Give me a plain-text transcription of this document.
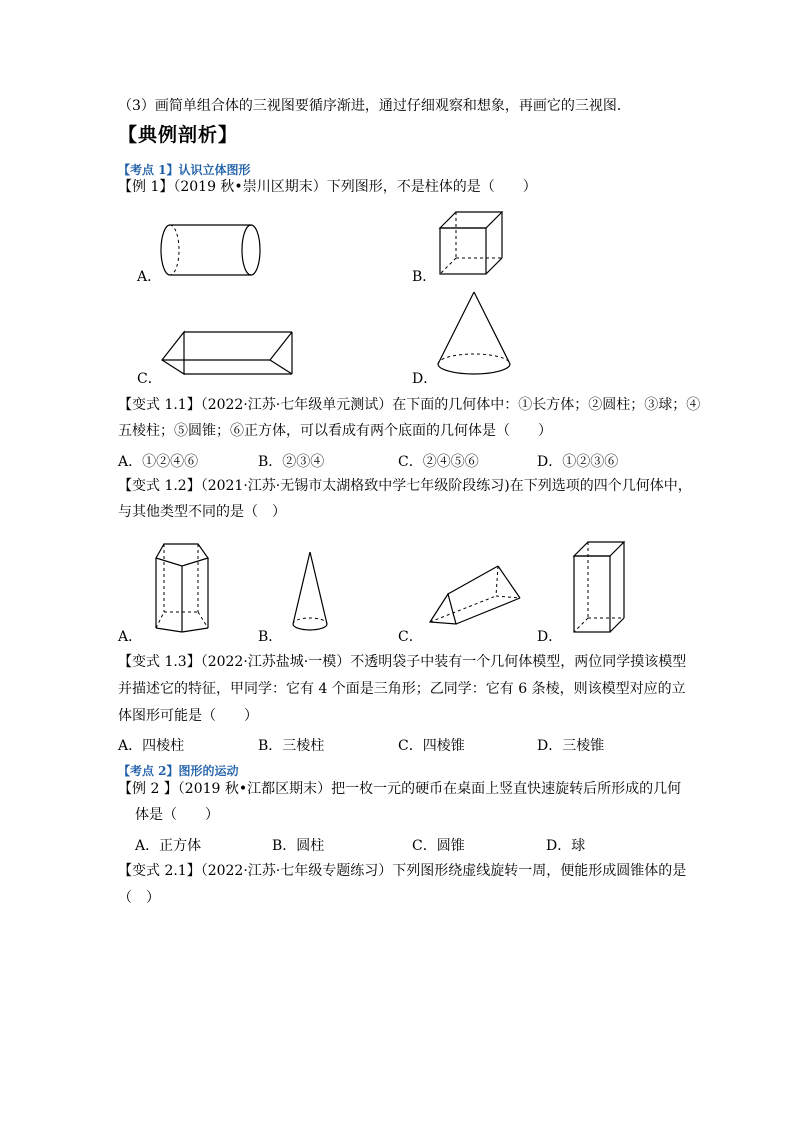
（3）画简单组合体的三视图要循序渐进，通过仔细观察和想象，再画它的三视图．
【典例剖析】
【考点 1】认识立体图形
【例 1】（2019 秋•崇川区期末）下列图形，不是柱体的是（　　）
A．	B．
C．	D．
【变式 1.1】（2022·江苏·七年级单元测试）在下面的几何体中：①长方体；②圆柱；③球；④
五棱柱；⑤圆锥；⑥正方体，可以看成有两个底面的几何体是（　　）
A．①②④⑥	B．②③④	C．②④⑤⑥	D．①②③⑥
【变式 1.2】（2021·江苏·无锡市太湖格致中学七年级阶段练习)在下列选项的四个几何体中，
与其他类型不同的是（　）
A．	B．	C．	D．
【变式 1.3】（2022·江苏盐城·一模）不透明袋子中装有一个几何体模型，两位同学摸该模型
并描述它的特征，甲同学：它有 4 个面是三角形；乙同学：它有 6 条棱，则该模型对应的立
体图形可能是（　　）
A．四棱柱	B．三棱柱	C．四棱锥	D．三棱锥
【考点 2】图形的运动
【例 2 】（2019 秋•江都区期末）把一枚一元的硬币在桌面上竖直快速旋转后所形成的几何
体是（　　）
A．正方体	B．圆柱	C．圆锥	D．球
【变式 2.1】（2022·江苏·七年级专题练习）下列图形绕虚线旋转一周，便能形成圆锥体的是
（　）
